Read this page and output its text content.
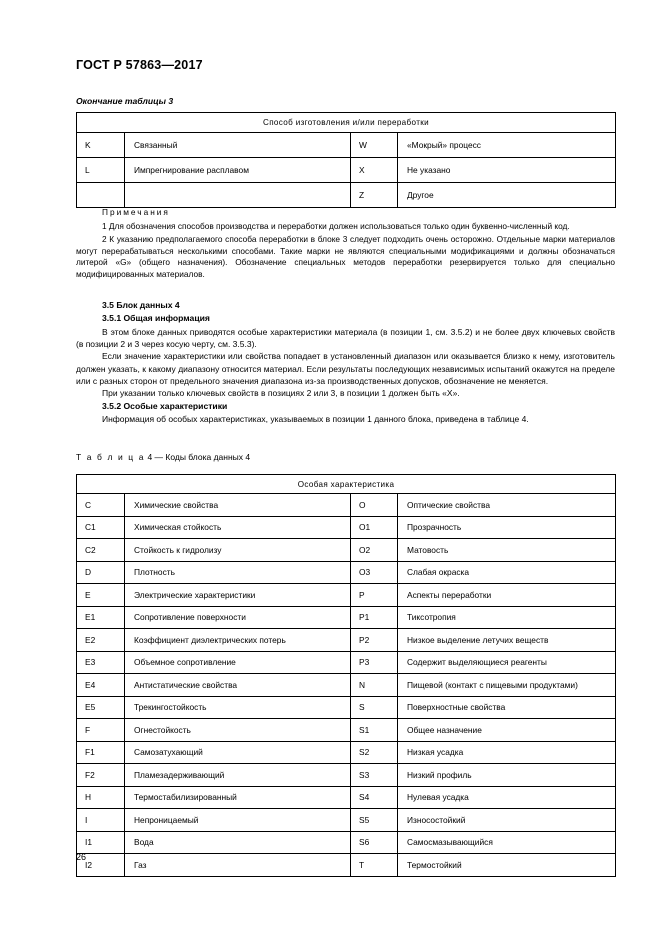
ГОСТ Р 57863—2017
Окончание таблицы 3
Способ изготовления и/или переработки			
K	Связанный	W	«Мокрый» процесс
L	Импрегнирование расплавом	X	Не указано
		Z	Другое
Примечания
1 Для обозначения способов производства и переработки должен использоваться только один буквенно-численный код.
2 К указанию предполагаемого способа переработки в блоке 3 следует подходить очень осторожно. Отдельные марки материалов могут перерабатываться несколькими способами. Такие марки не являются специальными модификациями и должны обозначаться литерой «G» (общего назначения). Обозначение специальных методов переработки резервируется только для специально модифицированных материалов.
3.5 Блок данных 4
3.5.1 Общая информация
В этом блоке данных приводятся особые характеристики материала (в позиции 1, см. 3.5.2) и не более двух ключевых свойств (в позиции 2 и 3 через косую черту, см. 3.5.3).
Если значение характеристики или свойства попадает в установленный диапазон или оказывается близко к нему, изготовитель должен указать, к какому диапазону относится материал. Если результаты последующих независимых испытаний окажутся на пределе или с разных сторон от предельного значения диапазона из-за производственных допусков, обозначение не меняется.
При указании только ключевых свойств в позициях 2 или 3, в позиции 1 должен быть «Х».
3.5.2 Особые характеристики
Информация об особых характеристиках, указываемых в позиции 1 данного блока, приведена в таблице 4.
Т а б л и ц а 4 — Коды блока данных 4
Особая характеристика			
C	Химические свойства	O	Оптические свойства
C1	Химическая стойкость	O1	Прозрачность
C2	Стойкость к гидролизу	O2	Матовость
D	Плотность	O3	Слабая окраска
E	Электрические характеристики	P	Аспекты переработки
E1	Сопротивление поверхности	P1	Тиксотропия
E2	Коэффициент диэлектрических потерь	P2	Низкое выделение летучих веществ
E3	Объемное сопротивление	P3	Содержит выделяющиеся реагенты
E4	Антистатические свойства	N	Пищевой (контакт с пищевыми продуктами)
E5	Трекингостойкость	S	Поверхностные свойства
F	Огнестойкость	S1	Общее назначение
F1	Самозатухающий	S2	Низкая усадка
F2	Пламезадерживающий	S3	Низкий профиль
H	Термостабилизированный	S4	Нулевая усадка
I	Непроницаемый	S5	Износостойкий
I1	Вода	S6	Самосмазывающийся
I2	Газ	T	Термостойкий
26
